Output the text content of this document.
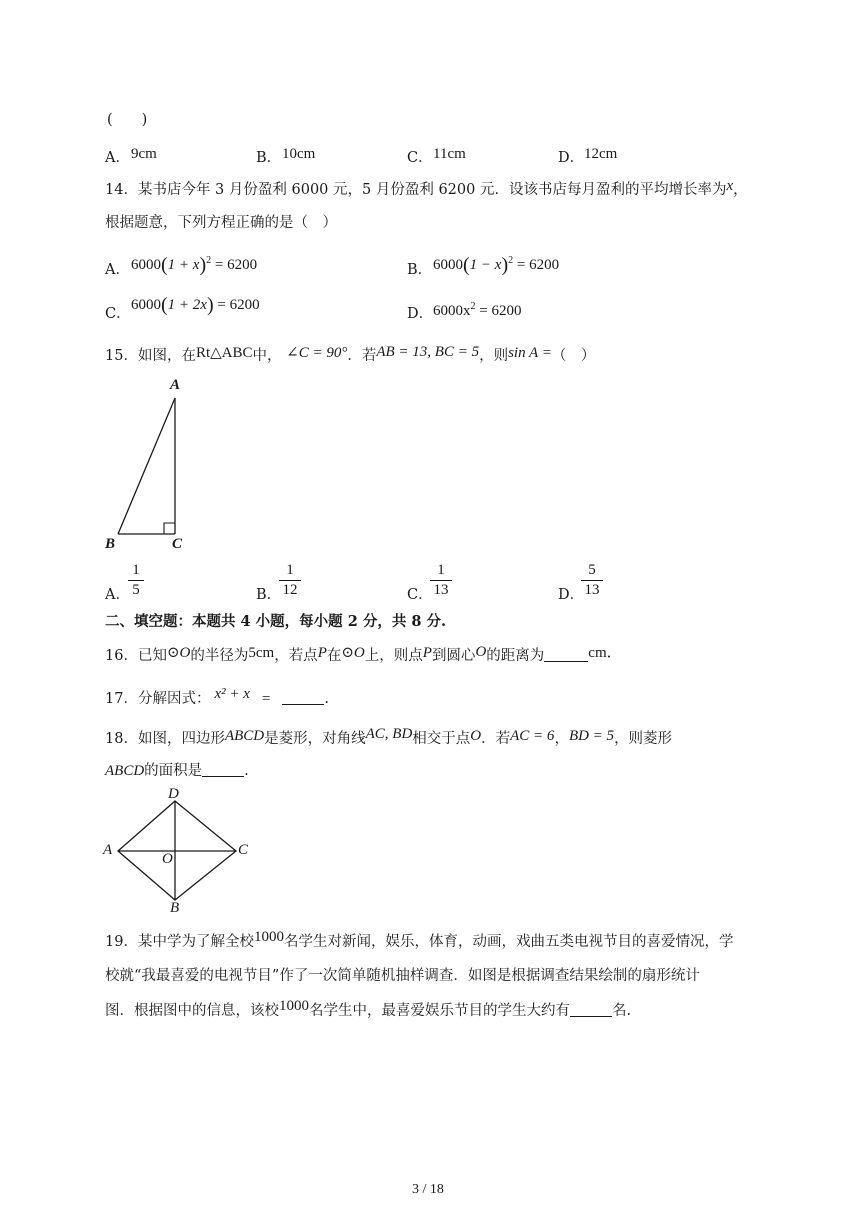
(　　)
A． 9cm	B． 10cm	C． 11cm	D． 12cm
14．某书店今年 3 月份盈利 6000 元，5 月份盈利 6200 元．设该书店每月盈利的平均增长率为x，
根据题意，下列方程正确的是（　）
A． $6000(1 + x)^2 = 6200$	B． $6000(1 - x)^2 = 6200$
C．
6000(1 + 2x) = 6200
D． $6000x^2 = 6200$
15．如图，在Rt△ABC中， ∠C = 90°．若AB = 13, BC = 5，则sin A =（　）
A
B	C
A．
1
5	B．
1
12	C．
1
13	D．
5
13
二、填空题：本题共 4 小题，每小题 2 分，共 8 分.
16．已知⊙O的半径为5cm，若点P在⊙O上，则点P到圆心O的距离为	cm．
17．分解因式： x² + x =	.
18．如图，四边形ABCD是菱形，对角线AC, BD相交于点O．若AC = 6，BD = 5，则菱形
ABCD的面积是	.
D
A	C
O
B
19．某中学为了解全校1000名学生对新闻，娱乐，体育，动画，戏曲五类电视节目的喜爱情况，学
校就“我最喜爱的电视节目”作了一次简单随机抽样调查．如图是根据调查结果绘制的扇形统计
图．根据图中的信息，该校1000名学生中，最喜爱娱乐节目的学生大约有	名.
3 / 18
